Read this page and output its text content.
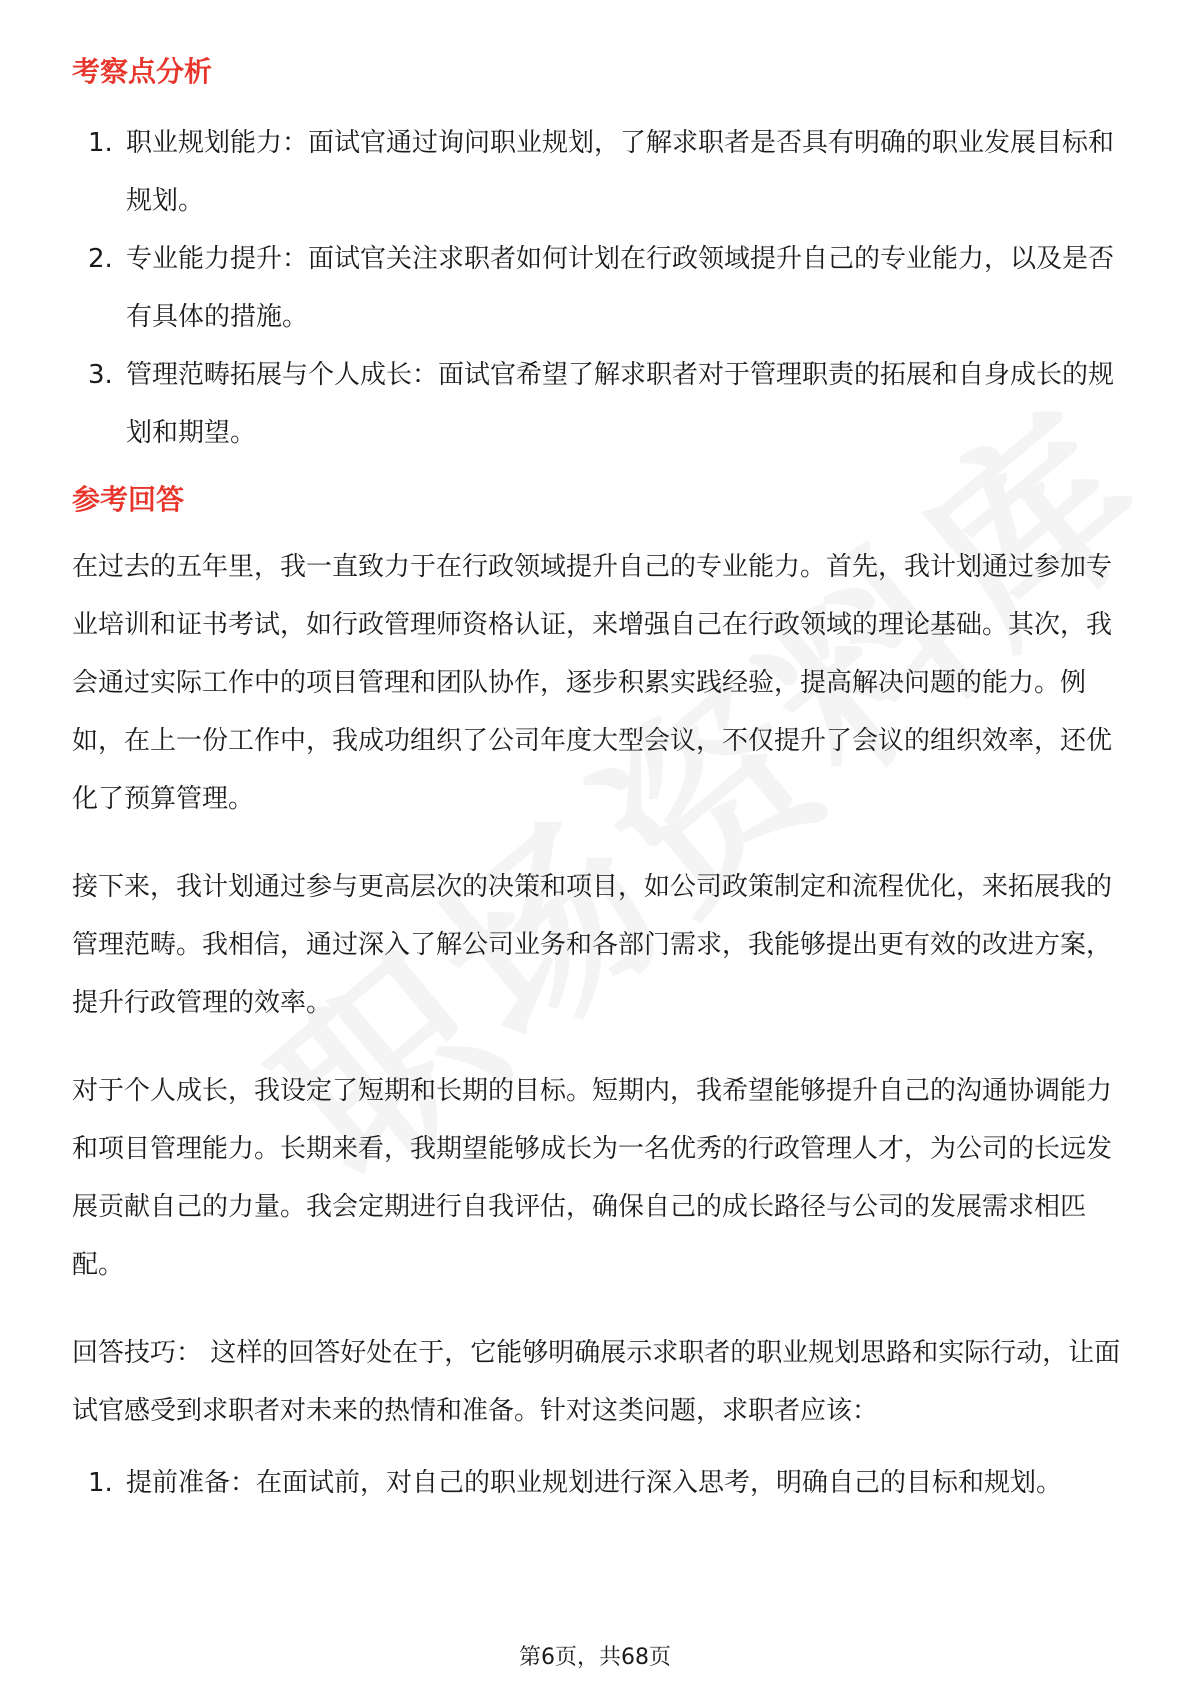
考察点分析
1. 职业规划能力：面试官通过询问职业规划，了解求职者是否具有明确的职业发展目标和规划。
2. 专业能力提升：面试官关注求职者如何计划在行政领域提升自己的专业能力，以及是否有具体的措施。
3. 管理范畴拓展与个人成长：面试官希望了解求职者对于管理职责的拓展和自身成长的规划和期望。
参考回答

在过去的五年里，我一直致力于在行政领域提升自己的专业能力。首先，我计划通过参加专业培训和证书考试，如行政管理师资格认证，来增强自己在行政领域的理论基础。其次，我会通过实际工作中的项目管理和团队协作，逐步积累实践经验，提高解决问题的能力。例如，在上一份工作中，我成功组织了公司年度大型会议，不仅提升了会议的组织效率，还优化了预算管理。

接下来，我计划通过参与更高层次的决策和项目，如公司政策制定和流程优化，来拓展我的管理范畴。我相信，通过深入了解公司业务和各部门需求，我能够提出更有效的改进方案，提升行政管理的效率。

对于个人成长，我设定了短期和长期的目标。短期内，我希望能够提升自己的沟通协调能力和项目管理能力。长期来看，我期望能够成长为一名优秀的行政管理人才，为公司的长远发展贡献自己的力量。我会定期进行自我评估，确保自己的成长路径与公司的发展需求相匹配。

回答技巧： 这样的回答好处在于，它能够明确展示求职者的职业规划思路和实际行动，让面试官感受到求职者对未来的热情和准备。针对这类问题，求职者应该：

1. 提前准备：在面试前，对自己的职业规划进行深入思考，明确自己的目标和规划。
第6页，共68页
